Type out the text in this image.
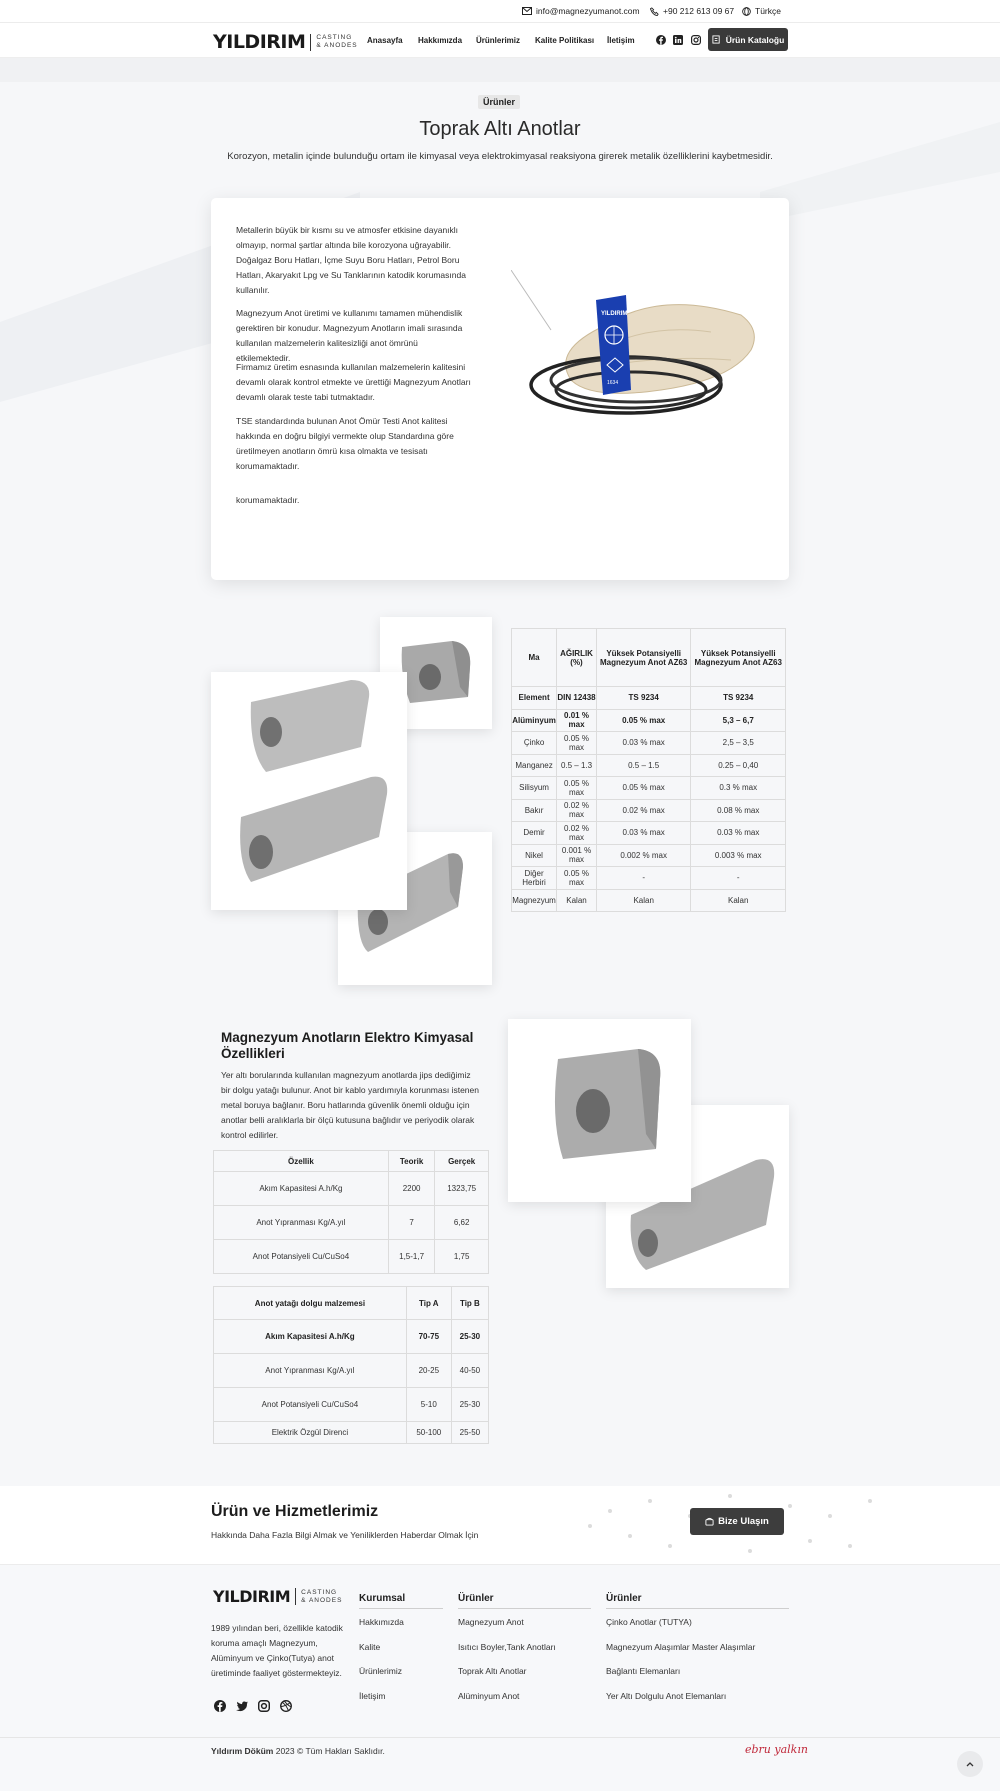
info@magnezyumanot.com	+90 212 613 09 67 Türkçe
YILDIRIM CASTING
& ANODES
Anasayfa Hakkımızda Ürünlerimiz Kalite Politikası İletişim	Ürün Kataloğu
Ürünler
Toprak Altı Anotlar
Korozyon, metalin içinde bulunduğu ortam ile kimyasal veya elektrokimyasal reaksiyona girerek metalik özelliklerini kaybetmesidir.

Metallerin büyük bir kısmı su ve atmosfer etkisine dayanıklı olmayıp, normal şartlar altında bile korozyona uğrayabilir. Doğalgaz Boru Hatları, İçme Suyu Boru Hatları, Petrol Boru Hatları, Akaryakıt Lpg ve Su Tanklarının katodik korumasında kullanılır.

Magnezyum Anot üretimi ve kullanımı tamamen mühendislik gerektiren bir konudur. Magnezyum Anotların imali sırasında kullanılan malzemelerin kalitesizliği anot ömrünü etkilemektedir.

Firmamız üretim esnasında kullanılan malzemelerin kalitesini devamlı olarak kontrol etmekte ve ürettiği Magnezyum Anotları devamlı olarak teste tabi tutmaktadır.

TSE standardında bulunan Anot Ömür Testi Anot kalitesi hakkında en doğru bilgiyi vermekte olup Standardına göre üretilmeyen anotların ömrü kısa olmakta ve tesisatı korumamaktadır.

korumamaktadır.

YILDIRIM
1634
Ma	AĞIRLIK (%)	Yüksek Potansiyelli Magnezyum Anot AZ63	Yüksek Potansiyelli Magnezyum Anot AZ63
Element	DIN 12438	TS 9234	TS 9234
Alüminyum	0.01 % max	0.05 % max	5,3 – 6,7
Çinko	0.05 % max	0.03 % max	2,5 – 3,5
Manganez	0.5 – 1.3	0.5 – 1.5	0.25 – 0,40
Silisyum	0.05 % max	0.05 % max	0.3 % max
Bakır	0.02 % max	0.02 % max	0.08 % max
Demir	0.02 % max	0.03 % max	0.03 % max
Nikel	0.001 % max	0.002 % max	0.003 % max
Diğer Herbiri	0.05 % max	-	-
Magnezyum	Kalan	Kalan	Kalan
Magnezyum Anotların Elektro Kimyasal Özellikleri
Yer altı borularında kullanılan magnezyum anotlarda jips dediğimiz bir dolgu yatağı bulunur. Anot bir kablo yardımıyla korunması istenen metal boruya bağlanır. Boru hatlarında güvenlik önemli olduğu için anotlar belli aralıklarla bir ölçü kutusuna bağlıdır ve periyodik olarak kontrol edilirler.
Özellik	Teorik	Gerçek
Akım Kapasitesi A.h/Kg	2200	1323,75
Anot Yıpranması Kg/A.yıl	7	6,62
Anot Potansiyeli Cu/CuSo4	1,5-1,7	1,75
Anot yatağı dolgu malzemesi	Tip A	Tip B
Akım Kapasitesi A.h/Kg	70-75	25-30
Anot Yıpranması Kg/A.yıl	20-25	40-50
Anot Potansiyeli Cu/CuSo4	5-10	25-30
Elektrik Özgül Direnci	50-100	25-50
Ürün ve Hizmetlerimiz
Hakkında Daha Fazla Bilgi Almak ve Yeniliklerden Haberdar Olmak İçin
Bize Ulaşın
YILDIRIM CASTING
& ANODES
1989 yılından beri, özellikle katodik koruma amaçlı Magnezyum, Alüminyum ve Çinko(Tutya) anot üretiminde faaliyet göstermekteyiz.
Kurumsal	Ürünler	Ürünler
Hakkımızda
Kalite
Ürünlerimiz
İletişim
Magnezyum Anot
Isıtıcı Boyler,Tank Anotları
Toprak Altı Anotlar
Alüminyum Anot
Çinko Anotlar (TUTYA)
Magnezyum Alaşımlar Master Alaşımlar
Bağlantı Elemanları
Yer Altı Dolgulu Anot Elemanları
Yıldırım Döküm 2023 © Tüm Hakları Saklıdır.	ebru yalkın
